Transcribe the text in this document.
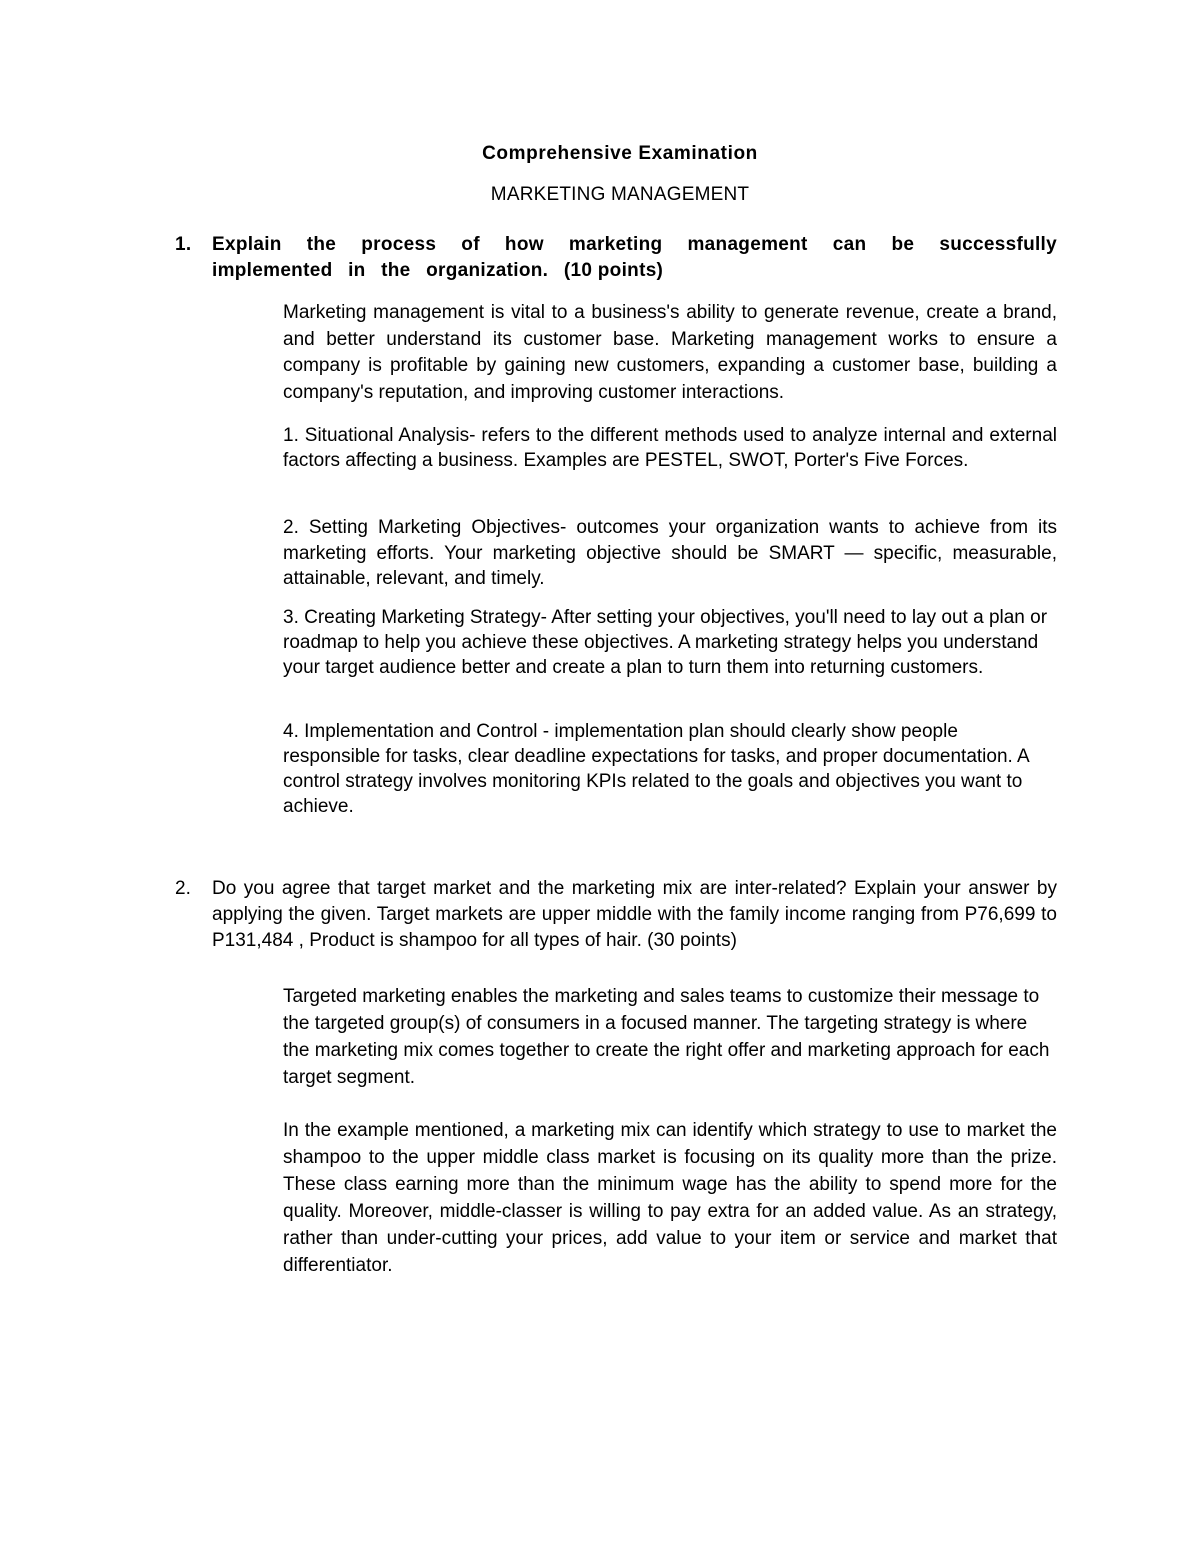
Comprehensive Examination
MARKETING MANAGEMENT
1. Explain the process of how marketing management can be successfully implemented in the organization. (10 points)

Marketing management is vital to a business's ability to generate revenue, create a brand, and better understand its customer base. Marketing management works to ensure a company is profitable by gaining new customers, expanding a customer base, building a company's reputation, and improving customer interactions.

1. Situational Analysis- refers to the different methods used to analyze internal and external factors affecting a business. Examples are PESTEL, SWOT, Porter's Five Forces.

2. Setting Marketing Objectives- outcomes your organization wants to achieve from its marketing efforts. Your marketing objective should be SMART — specific, measurable, attainable, relevant, and timely.

3. Creating Marketing Strategy- After setting your objectives, you'll need to lay out a plan or roadmap to help you achieve these objectives. A marketing strategy helps you understand your target audience better and create a plan to turn them into returning customers.

4. Implementation and Control - implementation plan should clearly show people responsible for tasks, clear deadline expectations for tasks, and proper documentation. A control strategy involves monitoring KPIs related to the goals and objectives you want to achieve.

2. Do you agree that target market and the marketing mix are inter-related? Explain your answer by applying the given. Target markets are upper middle with the family income ranging from P76,699 to P131,484 , Product is shampoo for all types of hair. (30 points)

Targeted marketing enables the marketing and sales teams to customize their message to the targeted group(s) of consumers in a focused manner. The targeting strategy is where the marketing mix comes together to create the right offer and marketing approach for each target segment.

In the example mentioned, a marketing mix can identify which strategy to use to market the shampoo to the upper middle class market is focusing on its quality more than the prize. These class earning more than the minimum wage has the ability to spend more for the quality. Moreover, middle-classer is willing to pay extra for an added value. As an strategy, rather than under-cutting your prices, add value to your item or service and market that differentiator.
